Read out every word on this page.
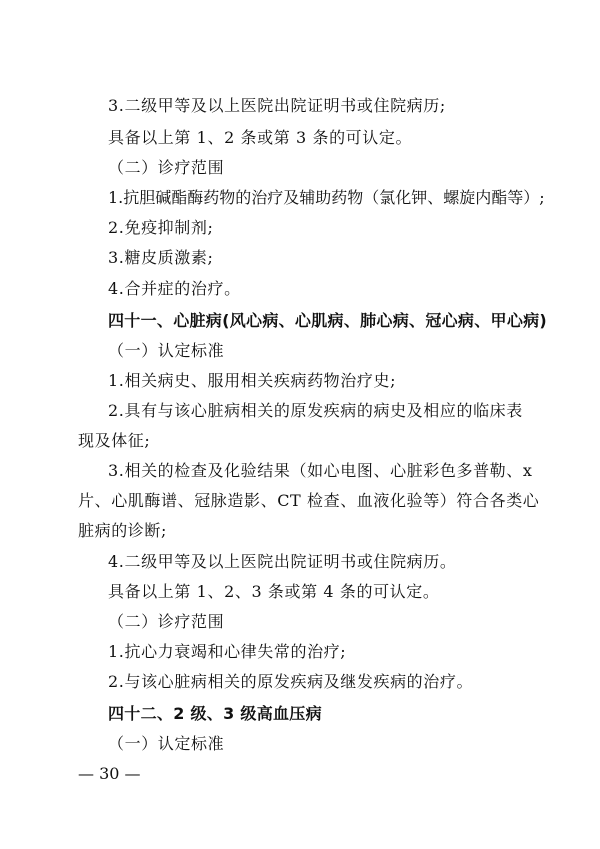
3.二级甲等及以上医院出院证明书或住院病历;
具备以上第 1、2 条或第 3 条的可认定。
（二）诊疗范围
1.抗胆碱酯酶药物的治疗及辅助药物（氯化钾、螺旋内酯等）;
2.免疫抑制剂;
3.糖皮质激素;
4.合并症的治疗。
四十一、心脏病(风心病、心肌病、肺心病、冠心病、甲心病)
（一）认定标准
1.相关病史、服用相关疾病药物治疗史;
2.具有与该心脏病相关的原发疾病的病史及相应的临床表
现及体征;
3.相关的检查及化验结果（如心电图、心脏彩色多普勒、x
片、心肌酶谱、冠脉造影、CT 检查、血液化验等）符合各类心
脏病的诊断;
4.二级甲等及以上医院出院证明书或住院病历。
具备以上第 1、2、3 条或第 4 条的可认定。
（二）诊疗范围
1.抗心力衰竭和心律失常的治疗;
2.与该心脏病相关的原发疾病及继发疾病的治疗。
四十二、2 级、3 级高血压病
（一）认定标准
— 30 —
